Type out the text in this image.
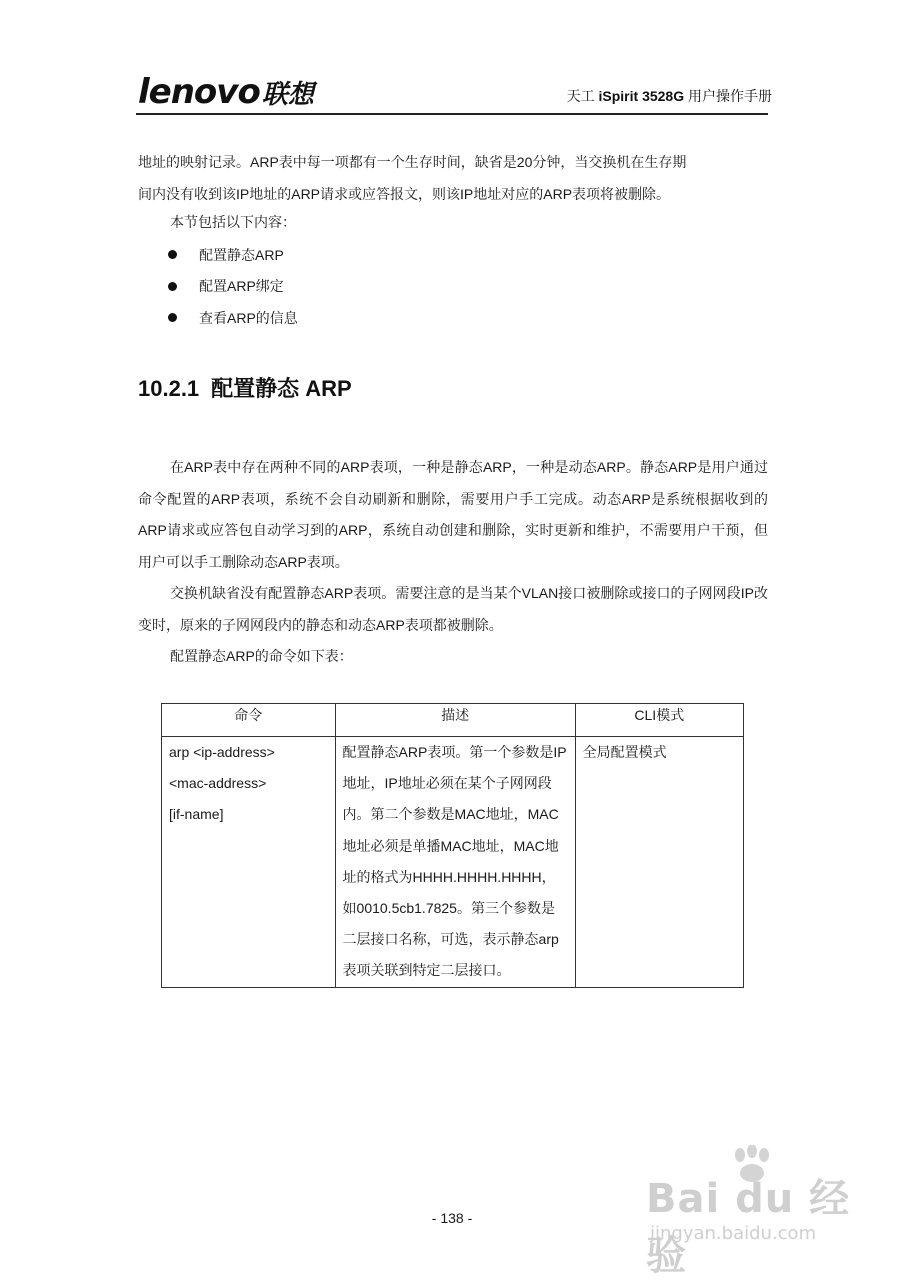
lenovo 联想	天工 iSpirit 3528G 用户操作手册
地址的映射记录。ARP表中每一项都有一个生存时间，缺省是20分钟，当交换机在生存期
间内没有收到该IP地址的ARP请求或应答报文，则该IP地址对应的ARP表项将被删除。
本节包括以下内容：
配置静态ARP
配置ARP绑定
查看ARP的信息
10.2.1 配置静态 ARP
在ARP表中存在两种不同的ARP表项，一种是静态ARP，一种是动态ARP。静态ARP是用户通过命令配置的ARP表项，系统不会自动刷新和删除，需要用户手工完成。动态ARP是系统根据收到的ARP请求或应答包自动学习到的ARP，系统自动创建和删除，实时更新和维护，不需要用户干预，但用户可以手工删除动态ARP表项。
交换机缺省没有配置静态ARP表项。需要注意的是当某个VLAN接口被删除或接口的子网网段IP改变时，原来的子网网段内的静态和动态ARP表项都被删除。
配置静态ARP的命令如下表：
命令	描述	CLI模式

arp <ip-address>
<mac-address>
[if-name]	配置静态ARP表项。第一个参数是IP地址，IP地址必须在某个子网网段内。第二个参数是MAC地址，MAC地址必须是单播MAC地址，MAC地址的格式为HHHH.HHHH.HHHH，如0010.5cb1.7825。第三个参数是二层接口名称，可选，表示静态arp表项关联到特定二层接口。	全局配置模式
- 138 -	Bai du 经验
jingyan.baidu.com
